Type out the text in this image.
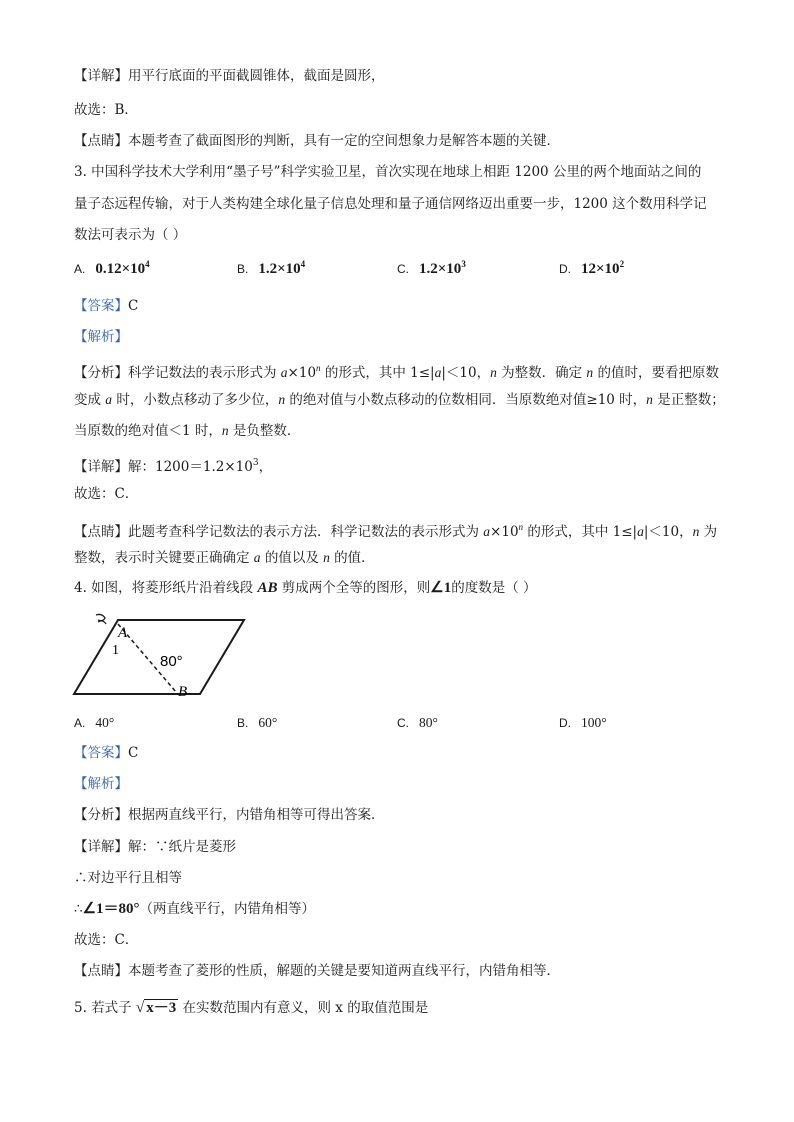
【详解】用平行底面的平面截圆锥体，截面是圆形，
故选：B．
【点睛】本题考查了截面图形的判断，具有一定的空间想象力是解答本题的关键．
3. 中国科学技术大学利用“墨子号”科学实验卫星，首次实现在地球上相距 1200 公里的两个地面站之间的
量子态远程传输，对于人类构建全球化量子信息处理和量子通信网络迈出重要一步，1200 这个数用科学记
数法可表示为（ ）
A. $0.12\times 10^4$	B. $1.2\times 10^4$	C. $1.2\times 10^3$	D. $12\times 10^2$
【答案】C
【解析】
【分析】科学记数法的表示形式为 $a\times 10^n$ 的形式，其中 1≤|a|＜10，n 为整数．确定 n 的值时，要看把原数
变成 a 时，小数点移动了多少位，n 的绝对值与小数点移动的位数相同．当原数绝对值≥10 时，n 是正整数；
当原数的绝对值＜1 时，n 是负整数．
【详解】解：$1200=1.2\times 10^3$，
故选：C．
【点睛】此题考查科学记数法的表示方法．科学记数法的表示形式为 $a\times 10^n$ 的形式，其中 1≤|a|＜10，n 为
整数，表示时关键要正确确定 a 的值以及 n 的值．
4. 如图，将菱形纸片沿着线段 AB 剪成两个全等的图形，则∠1的度数是（ ）
A
1
80°
B
A. 40°	B. 60°	C. 80°	D. 100°
【答案】C
【解析】
【分析】根据两直线平行，内错角相等可得出答案．
【详解】解：∵纸片是菱形
∴对边平行且相等
∴∠1＝80°（两直线平行，内错角相等）
故选：C．
【点睛】本题考查了菱形的性质，解题的关键是要知道两直线平行，内错角相等．
5. 若式子 √ x－3 在实数范围内有意义，则 x 的取值范围是
